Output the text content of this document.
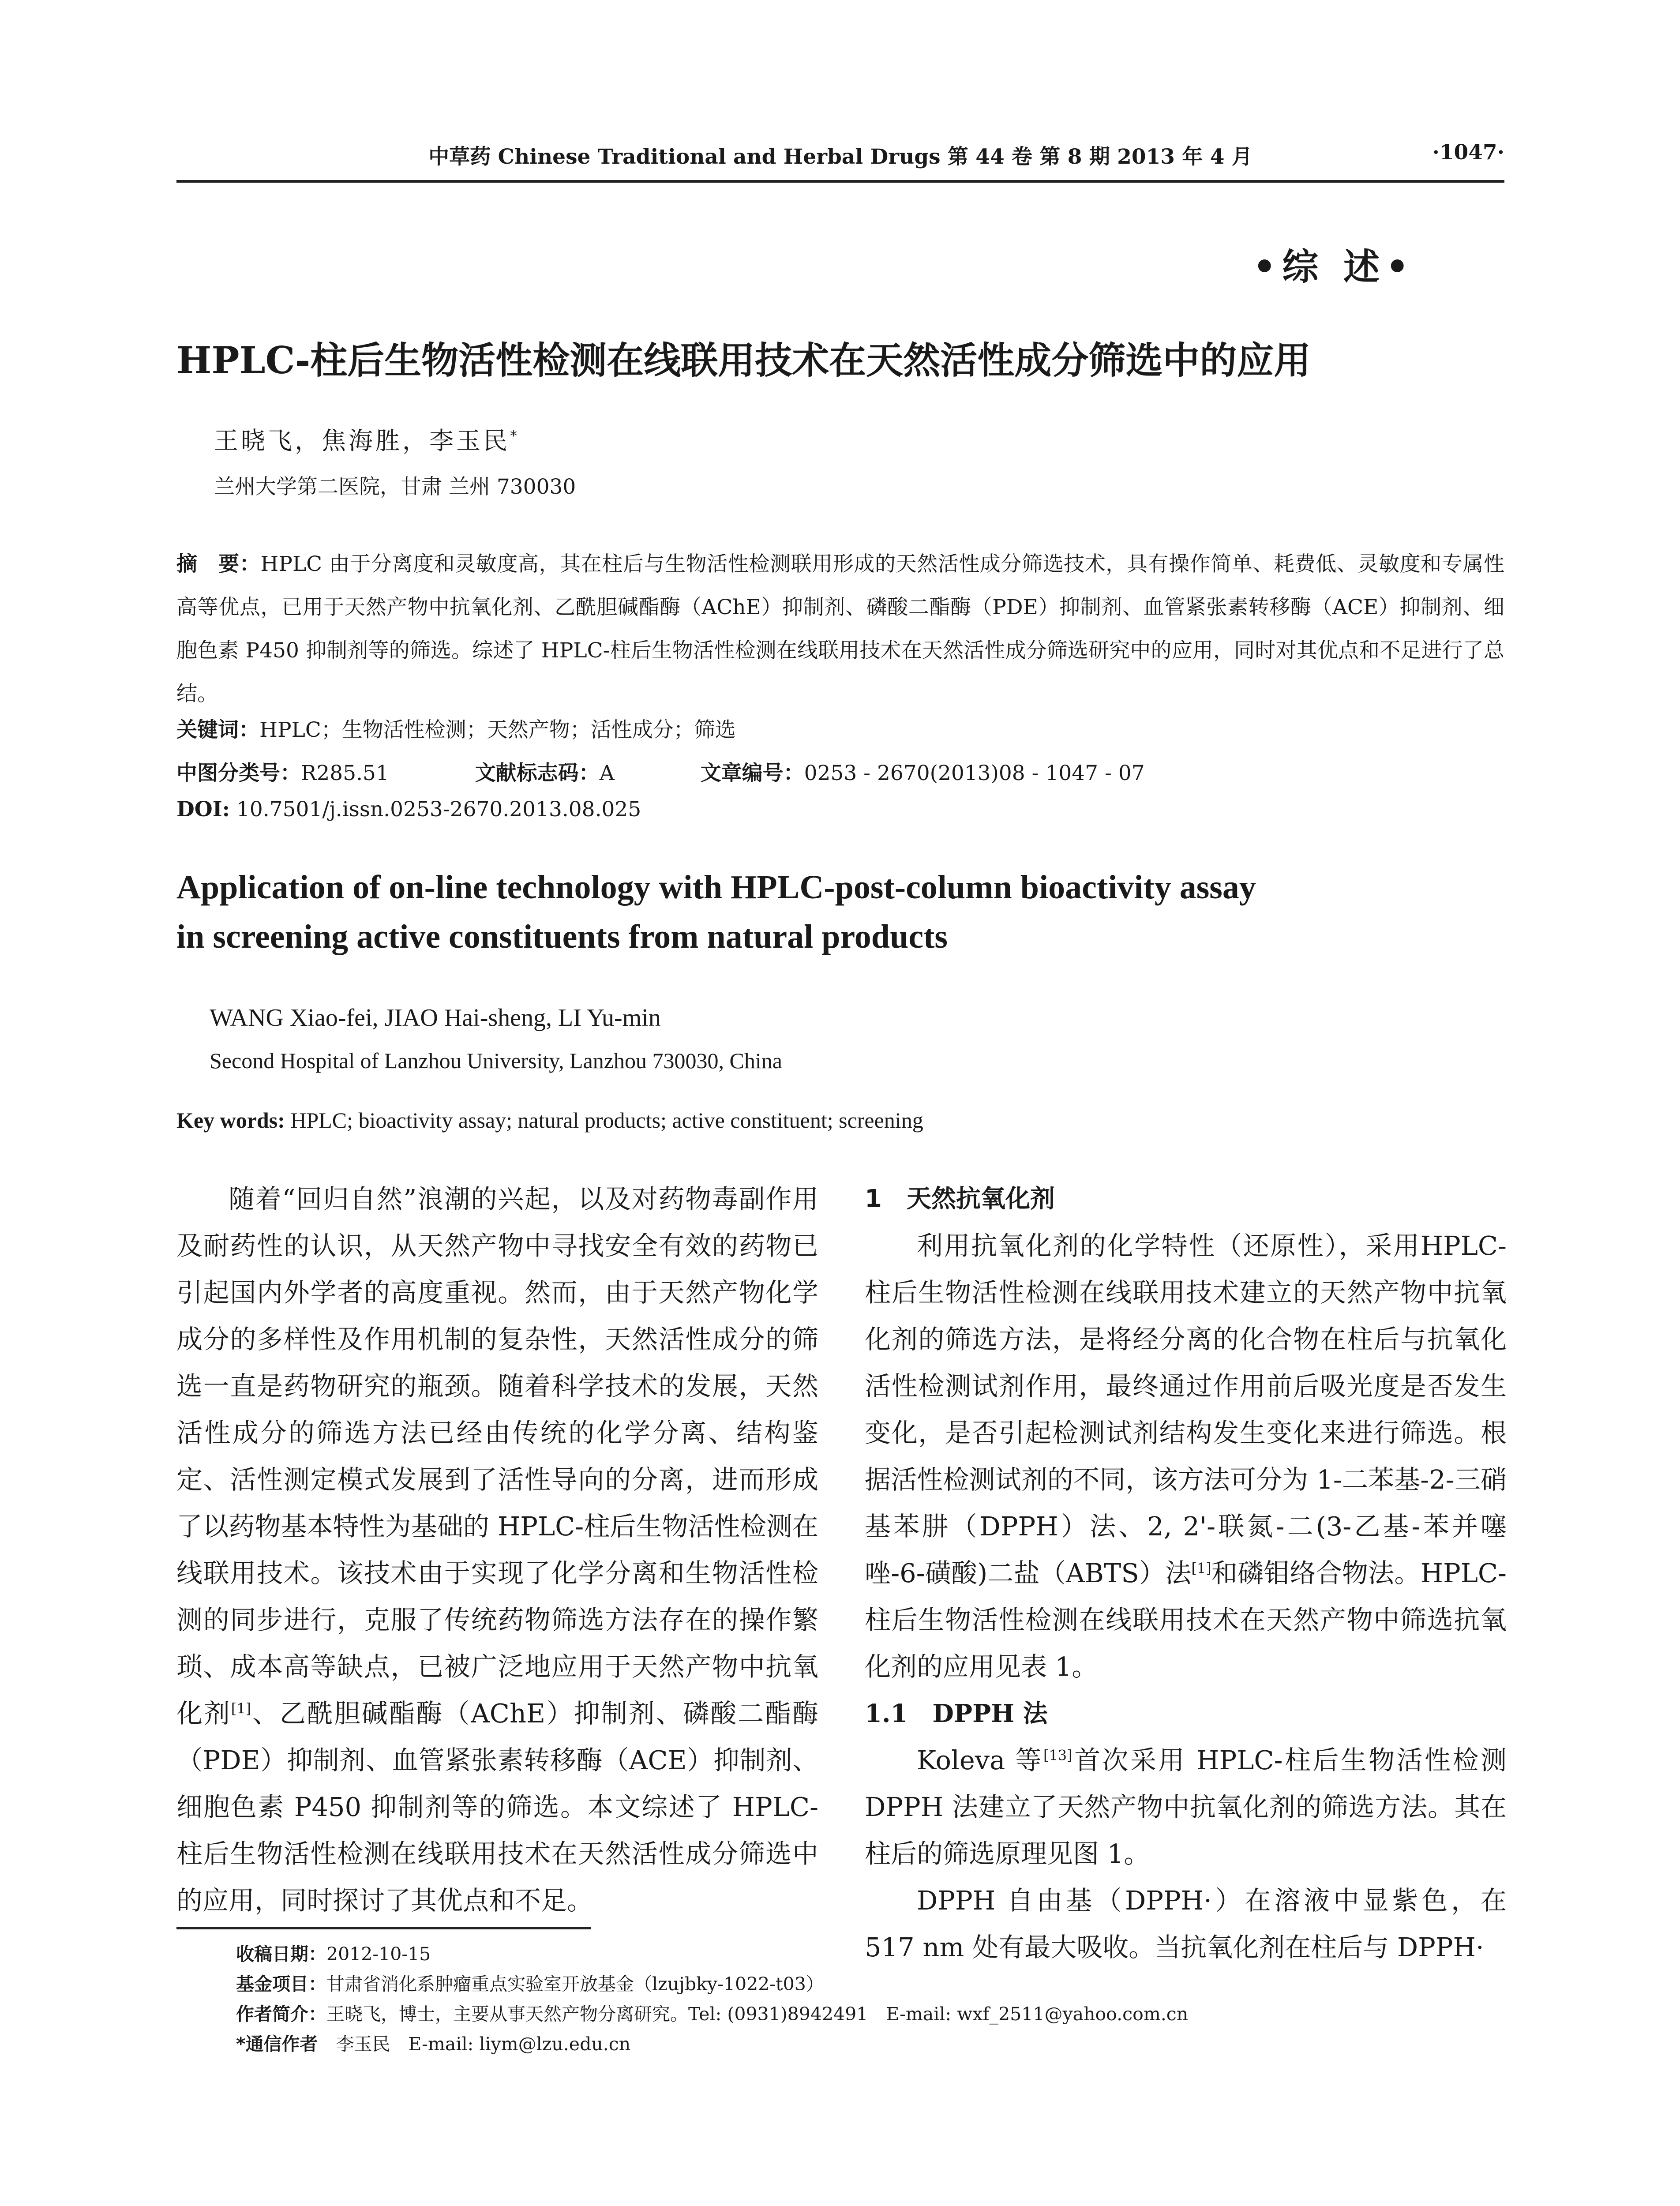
中草药 Chinese Traditional and Herbal Drugs 第 44 卷 第 8 期 2013 年 4 月	·1047·
•综 述•
HPLC-柱后生物活性检测在线联用技术在天然活性成分筛选中的应用
王晓飞，焦海胜，李玉民*
兰州大学第二医院，甘肃 兰州 730030
摘　要：HPLC 由于分离度和灵敏度高，其在柱后与生物活性检测联用形成的天然活性成分筛选技术，具有操作简单、耗费低、灵敏度和专属性高等优点，已用于天然产物中抗氧化剂、乙酰胆碱酯酶（AChE）抑制剂、磷酸二酯酶（PDE）抑制剂、血管紧张素转移酶（ACE）抑制剂、细胞色素 P450 抑制剂等的筛选。综述了 HPLC-柱后生物活性检测在线联用技术在天然活性成分筛选研究中的应用，同时对其优点和不足进行了总结。
关键词：HPLC；生物活性检测；天然产物；活性成分；筛选
中图分类号：R285.51	文献标志码：A	文章编号：0253 - 2670(2013)08 - 1047 - 07
DOI: 10.7501/j.issn.0253-2670.2013.08.025
Application of on-line technology with HPLC-post-column bioactivity assay
in screening active constituents from natural products
WANG Xiao-fei, JIAO Hai-sheng, LI Yu-min
Second Hospital of Lanzhou University, Lanzhou 730030, China
Key words: HPLC; bioactivity assay; natural products; active constituent; screening

随着“回归自然”浪潮的兴起，以及对药物毒副作用及耐药性的认识，从天然产物中寻找安全有效的药物已引起国内外学者的高度重视。然而，由于天然产物化学成分的多样性及作用机制的复杂性，天然活性成分的筛选一直是药物研究的瓶颈。随着科学技术的发展，天然活性成分的筛选方法已经由传统的化学分离、结构鉴定、活性测定模式发展到了活性导向的分离，进而形成了以药物基本特性为基础的 HPLC-柱后生物活性检测在线联用技术。该技术由于实现了化学分离和生物活性检测的同步进行，克服了传统药物筛选方法存在的操作繁琐、成本高等缺点，已被广泛地应用于天然产物中抗氧化剂[1]、乙酰胆碱酯酶（AChE）抑制剂、磷酸二酯酶（PDE）抑制剂、血管紧张素转移酶（ACE）抑制剂、细胞色素 P450 抑制剂等的筛选。本文综述了 HPLC-柱后生物活性检测在线联用技术在天然活性成分筛选中的应用，同时探讨了其优点和不足。

1　天然抗氧化剂

利用抗氧化剂的化学特性（还原性），采用HPLC-柱后生物活性检测在线联用技术建立的天然产物中抗氧化剂的筛选方法，是将经分离的化合物在柱后与抗氧化活性检测试剂作用，最终通过作用前后吸光度是否发生变化，是否引起检测试剂结构发生变化来进行筛选。根据活性检测试剂的不同，该方法可分为 1-二苯基-2-三硝基苯肼（DPPH）法、2, 2'-联氮-二(3-乙基-苯并噻唑-6-磺酸)二盐（ABTS）法[1]和磷钼络合物法。HPLC-柱后生物活性检测在线联用技术在天然产物中筛选抗氧化剂的应用见表 1。

1.1　DPPH 法

Koleva 等[13]首次采用 HPLC-柱后生物活性检测 DPPH 法建立了天然产物中抗氧化剂的筛选方法。其在柱后的筛选原理见图 1。

DPPH 自由基（DPPH·）在溶液中显紫色，在 517 nm 处有最大吸收。当抗氧化剂在柱后与 DPPH·

收稿日期：2012-10-15
基金项目：甘肃省消化系肿瘤重点实验室开放基金（lzujbky-1022-t03）
作者简介：王晓飞，博士，主要从事天然产物分离研究。Tel: (0931)8942491　E-mail: wxf_2511@yahoo.com.cn
*通信作者　 李玉民　E-mail: liym@lzu.edu.cn
